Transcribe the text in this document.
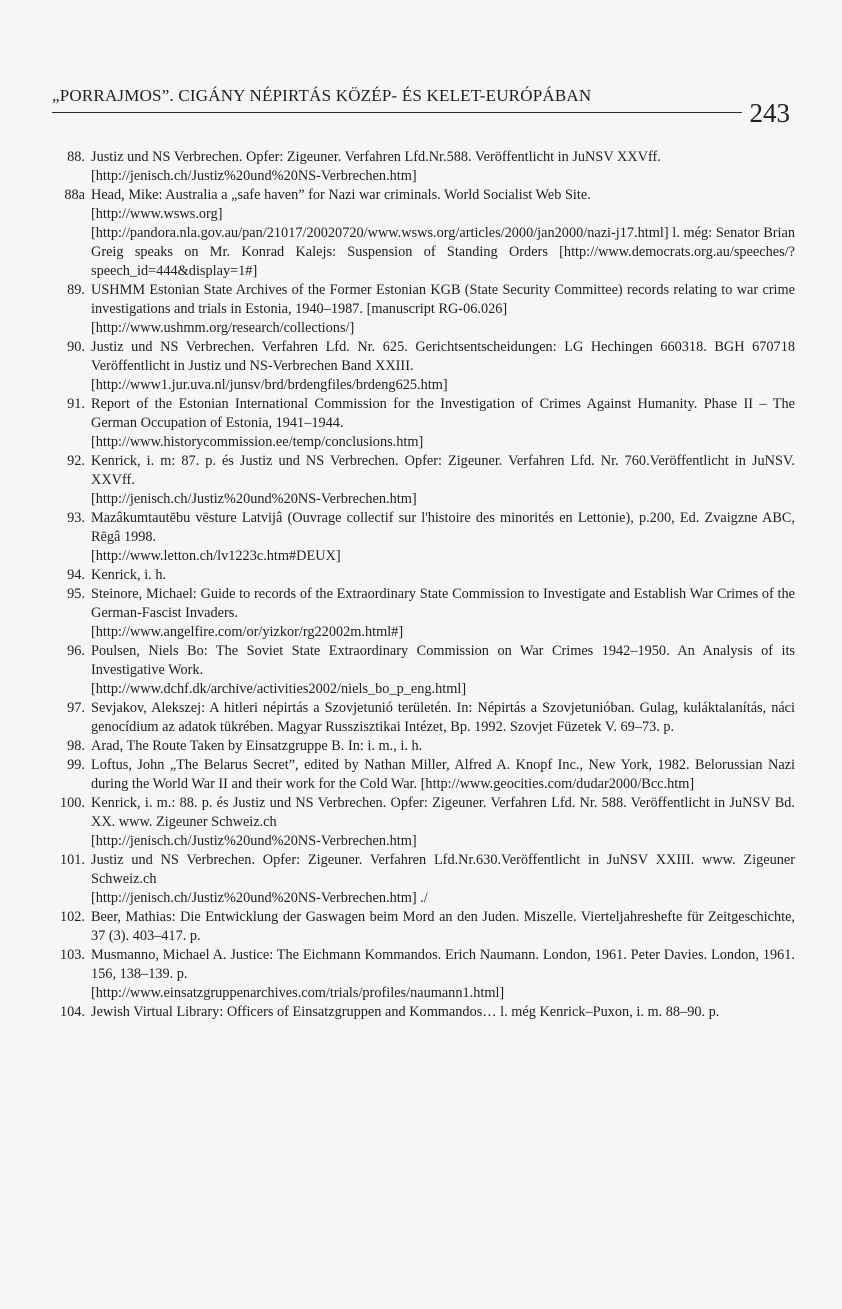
„PORRAJMOS”. CIGÁNY NÉPIRTÁS KÖZÉP- ÉS KELET-EURÓPÁBAN
243
88. Justiz und NS Verbrechen. Opfer: Zigeuner. Verfahren Lfd.Nr.588. Veröffentlicht in JuNSV XXVff.
[http://jenisch.ch/Justiz%20und%20NS-Verbrechen.htm]
88a Head, Mike: Australia a „safe haven” for Nazi war criminals. World Socialist Web Site.
[http://www.wsws.org]
[http://pandora.nla.gov.au/pan/21017/20020720/www.wsws.org/articles/2000/jan2000/nazi-j17.html] l. még: Senator Brian Greig speaks on Mr. Konrad Kalejs: Suspension of Standing Orders [http://www.democrats.org.au/speeches/?speech_id=444&display=1#]
89. USHMM Estonian State Archives of the Former Estonian KGB (State Security Committee) records relating to war crime investigations and trials in Estonia, 1940–1987. [manuscript RG-06.026]
[http://www.ushmm.org/research/collections/]
90. Justiz und NS Verbrechen. Verfahren Lfd. Nr. 625. Gerichtsentscheidungen: LG Hechingen 660318. BGH 670718 Veröffentlicht in Justiz und NS-Verbrechen Band XXIII.
[http://www1.jur.uva.nl/junsv/brd/brdengfiles/brdeng625.htm]
91. Report of the Estonian International Commission for the Investigation of Crimes Against Humanity. Phase II – The German Occupation of Estonia, 1941–1944.
[http://www.historycommission.ee/temp/conclusions.htm]
92. Kenrick, i. m: 87. p. és Justiz und NS Verbrechen. Opfer: Zigeuner. Verfahren Lfd. Nr. 760.Veröffentlicht in JuNSV. XXVff.
[http://jenisch.ch/Justiz%20und%20NS-Verbrechen.htm]
93. Mazâkumtautēbu vēsture Latvijâ (Ouvrage collectif sur l'histoire des minorités en Lettonie), p.200, Ed. Zvaigzne ABC, Rēgâ 1998.
[http://www.letton.ch/lv1223c.htm#DEUX]
94. Kenrick, i. h.
95. Steinore, Michael: Guide to records of the Extraordinary State Commission to Investigate and Establish War Crimes of the German-Fascist Invaders.
[http://www.angelfire.com/or/yizkor/rg22002m.html#]
96. Poulsen, Niels Bo: The Soviet State Extraordinary Commission on War Crimes 1942–1950. An Analysis of its Investigative Work.
[http://www.dchf.dk/archive/activities2002/niels_bo_p_eng.html]
97. Sevjakov, Alekszej: A hitleri népirtás a Szovjetunió területén. In: Népirtás a Szovjetunióban. Gulag, kuláktalanítás, náci genocídium az adatok tükrében. Magyar Russzisztikai Intézet, Bp. 1992. Szovjet Füzetek V. 69–73. p.
98. Arad, The Route Taken by Einsatzgruppe B. In: i. m., i. h.
99. Loftus, John „The Belarus Secret”, edited by Nathan Miller, Alfred A. Knopf Inc., New York, 1982. Belorussian Nazi during the World War II and their work for the Cold War. [http://www.geocities.com/dudar2000/Bcc.htm]
100. Kenrick, i. m.: 88. p. és Justiz und NS Verbrechen. Opfer: Zigeuner. Verfahren Lfd. Nr. 588. Veröffentlicht in JuNSV Bd. XX. www. Zigeuner Schweiz.ch
[http://jenisch.ch/Justiz%20und%20NS-Verbrechen.htm]
101. Justiz und NS Verbrechen. Opfer: Zigeuner. Verfahren Lfd.Nr.630.Veröffentlicht in JuNSV XXIII. www. Zigeuner Schweiz.ch
[http://jenisch.ch/Justiz%20und%20NS-Verbrechen.htm] ./
102. Beer, Mathias: Die Entwicklung der Gaswagen beim Mord an den Juden. Miszelle. Vierteljahreshefte für Zeitgeschichte, 37 (3). 403–417. p.
103. Musmanno, Michael A. Justice: The Eichmann Kommandos. Erich Naumann. London, 1961. Peter Davies. London, 1961. 156, 138–139. p.
[http://www.einsatzgruppenarchives.com/trials/profiles/naumann1.html]
104. Jewish Virtual Library: Officers of Einsatzgruppen and Kommandos… l. még Kenrick–Puxon, i. m. 88–90. p.
